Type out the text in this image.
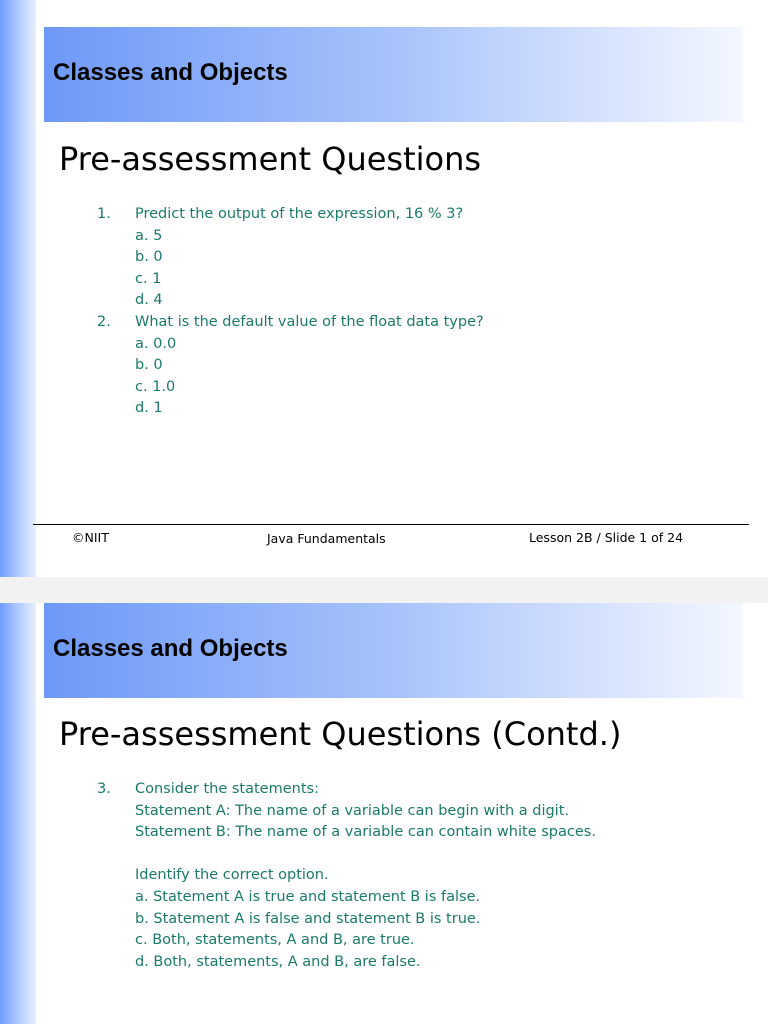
Classes and Objects
Pre-assessment Questions
1. Predict the output of the expression, 16 % 3?
a. 5
b. 0
c. 1
d. 4
2. What is the default value of the float data type?
a. 0.0
b. 0
c. 1.0
d. 1
©NIIT	Java Fundamentals	Lesson 2B / Slide 1 of 24
Classes and Objects
Pre-assessment Questions (Contd.)
3. Consider the statements:
Statement A: The name of a variable can begin with a digit.
Statement B: The name of a variable can contain white spaces.
Identify the correct option.
a. Statement A is true and statement B is false.
b. Statement A is false and statement B is true.
c. Both, statements, A and B, are true.
d. Both, statements, A and B, are false.
